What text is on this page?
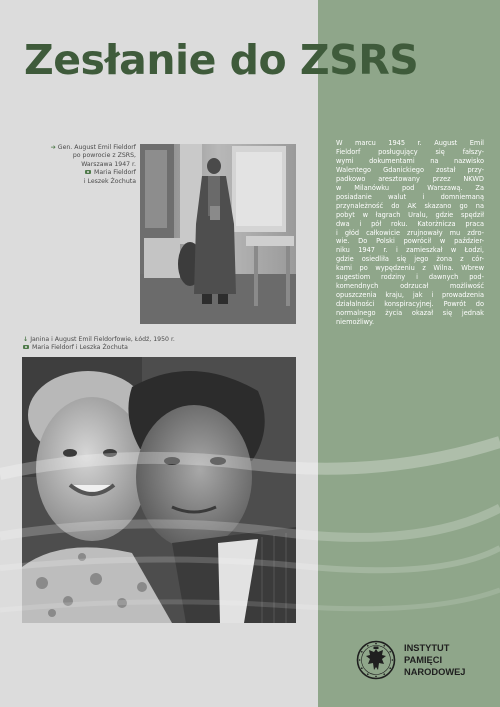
Zesłanie do ZSRS
➔ Gen. August Emil Fieldorf
po powrocie z ZSRS,
Warszawa 1947 r.
Maria Fieldorf
i Leszek Żochuta
↓ Janina i August Emil Fieldorfowie, Łódź, 1950 r.
Maria Fieldorf i Leszka Żochuta
W marcu 1945 r. August Emil
Fieldorf posługujący się fałszy-
wymi dokumentami na nazwisko
Walentego Gdanickiego został przy-
padkowo aresztowany przez NKWD
w Milanówku pod Warszawą. Za
posiadanie walut i domniemaną
przynależność do AK skazano go na
pobyt w łagrach Uralu, gdzie spędził
dwa i pół roku. Katorżnicza praca
i głód całkowicie zrujnowały mu zdro-
wie. Do Polski powrócił w paździer-
niku 1947 r. i zamieszkał w Łodzi,
gdzie osiedliła się jego żona z cór-
kami po wypędzeniu z Wilna. Wbrew
sugestiom rodziny i dawnych pod-
komendnych odrzucał możliwość
opuszczenia kraju, jak i prowadzenia
działalności konspiracyjnej. Powrót do
normalnego życia okazał się jednak
niemożliwy.
INSTYTUT
PAMIĘCI
NARODOWEJ
